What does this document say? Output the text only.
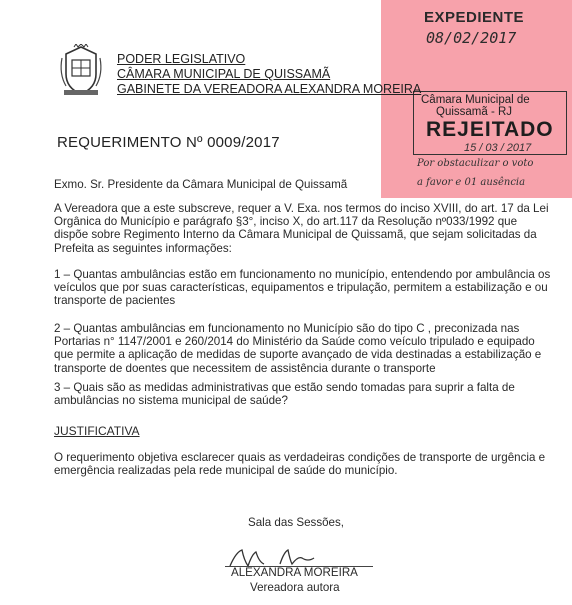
EXPEDIENTE
08/02/2017
Câmara Municipal de
Quissamã - RJ
REJEITADO
15 / 03 / 2017
Por obstaculizar o voto
a favor e 01 ausência
PODER LEGISLATIVO
CÂMARA MUNICIPAL DE QUISSAMÃ
GABINETE DA VEREADORA ALEXANDRA MOREIRA
REQUERIMENTO Nº 0009/2017
Exmo. Sr. Presidente da Câmara Municipal de Quissamã
A Vereadora que a este subscreve, requer a V. Exa. nos termos do inciso XVIII, do art. 17 da Lei Orgânica do Município e parágrafo §3°, inciso X, do art.117 da Resolução nº033/1992 que dispõe sobre Regimento Interno da Câmara Municipal de Quissamã, que sejam solicitadas da Prefeita as seguintes informações:
1 – Quantas ambulâncias estão em funcionamento no município, entendendo por ambulância os veículos que por suas características, equipamentos e tripulação, permitem a estabilização e ou transporte de pacientes
2 – Quantas ambulâncias em funcionamento no Município são do tipo C , preconizada nas Portarias n° 1147/2001 e 260/2014 do Ministério da Saúde como veículo tripulado e equipado que permite a aplicação de medidas de suporte avançado de vida destinadas a estabilização e transporte de doentes que necessitem de assistência durante o transporte
3 – Quais são as medidas administrativas que estão sendo tomadas para suprir a falta de ambulâncias no sistema municipal de saúde?
JUSTIFICATIVA
O requerimento objetiva esclarecer quais as verdadeiras condições de transporte de urgência e emergência realizadas pela rede municipal de saúde do município.
Sala das Sessões,
ALEXANDRA MOREIRA
Vereadora autora
